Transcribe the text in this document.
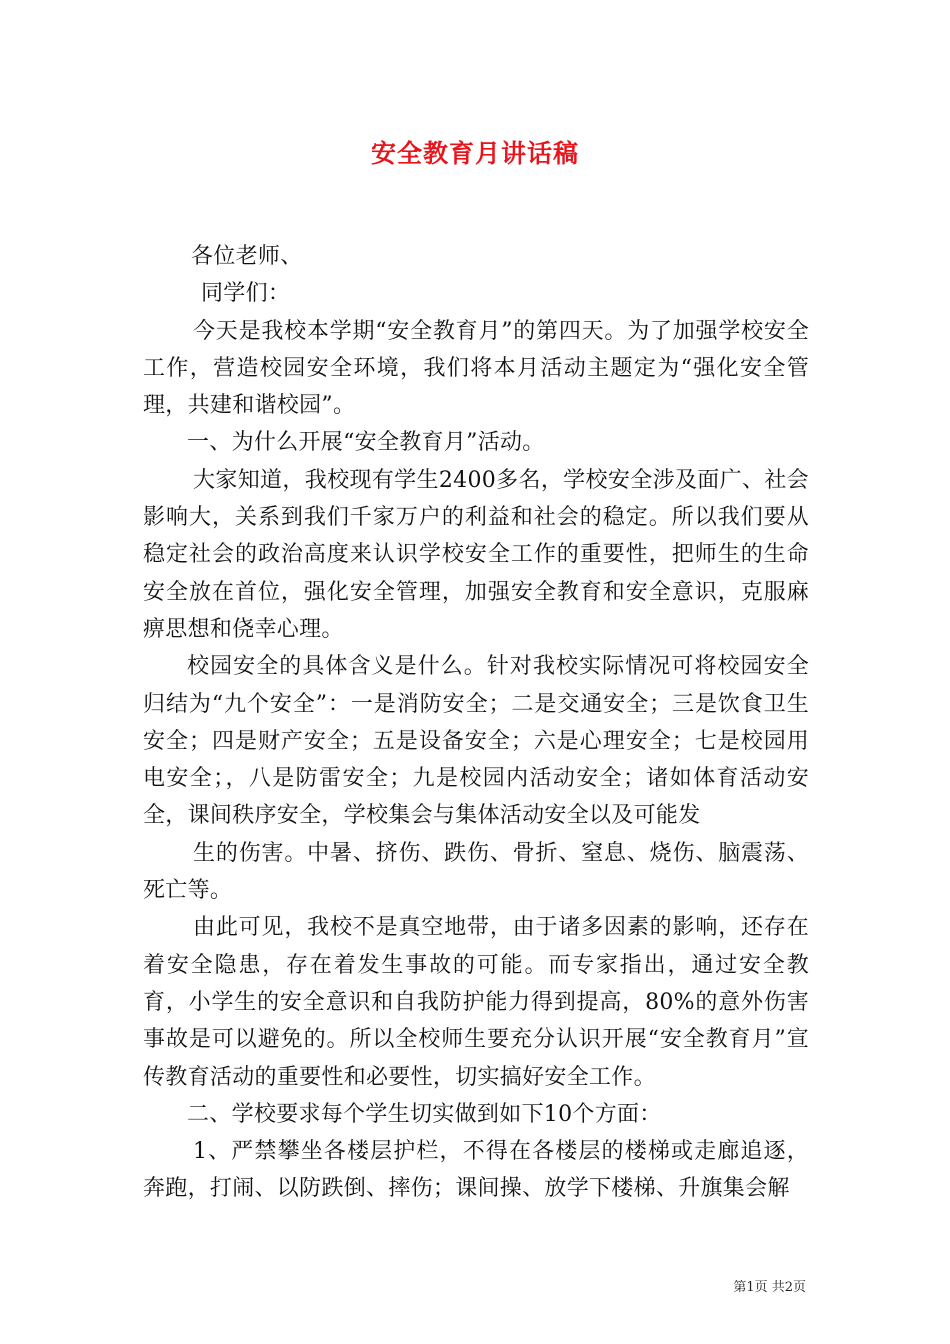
安全教育月讲话稿

各位老师、

同学们：

今天是我校本学期“安全教育月”的第四天。为了加强学校安全工作，营造校园安全环境，我们将本月活动主题定为“强化安全管理，共建和谐校园”。

一、为什么开展“安全教育月”活动。

大家知道，我校现有学生2400多名，学校安全涉及面广、社会影响大，关系到我们千家万户的利益和社会的稳定。所以我们要从稳定社会的政治高度来认识学校安全工作的重要性，把师生的生命安全放在首位，强化安全管理，加强安全教育和安全意识，克服麻痹思想和侥幸心理。

校园安全的具体含义是什么。针对我校实际情况可将校园安全归结为“九个安全”：一是消防安全；二是交通安全；三是饮食卫生安全；四是财产安全；五是设备安全；六是心理安全；七是校园用电安全；，八是防雷安全；九是校园内活动安全；诸如体育活动安全，课间秩序安全，学校集会与集体活动安全以及可能发

生的伤害。中暑、挤伤、跌伤、骨折、窒息、烧伤、脑震荡、死亡等。

由此可见，我校不是真空地带，由于诸多因素的影响，还存在着安全隐患，存在着发生事故的可能。而专家指出，通过安全教育，小学生的安全意识和自我防护能力得到提高，80%的意外伤害事故是可以避免的。所以全校师生要充分认识开展“安全教育月”宣传教育活动的重要性和必要性，切实搞好安全工作。

二、学校要求每个学生切实做到如下10个方面：

1、严禁攀坐各楼层护栏，不得在各楼层的楼梯或走廊追逐，奔跑，打闹、以防跌倒、摔伤；课间操、放学下楼梯、升旗集会解

第1页 共2页
